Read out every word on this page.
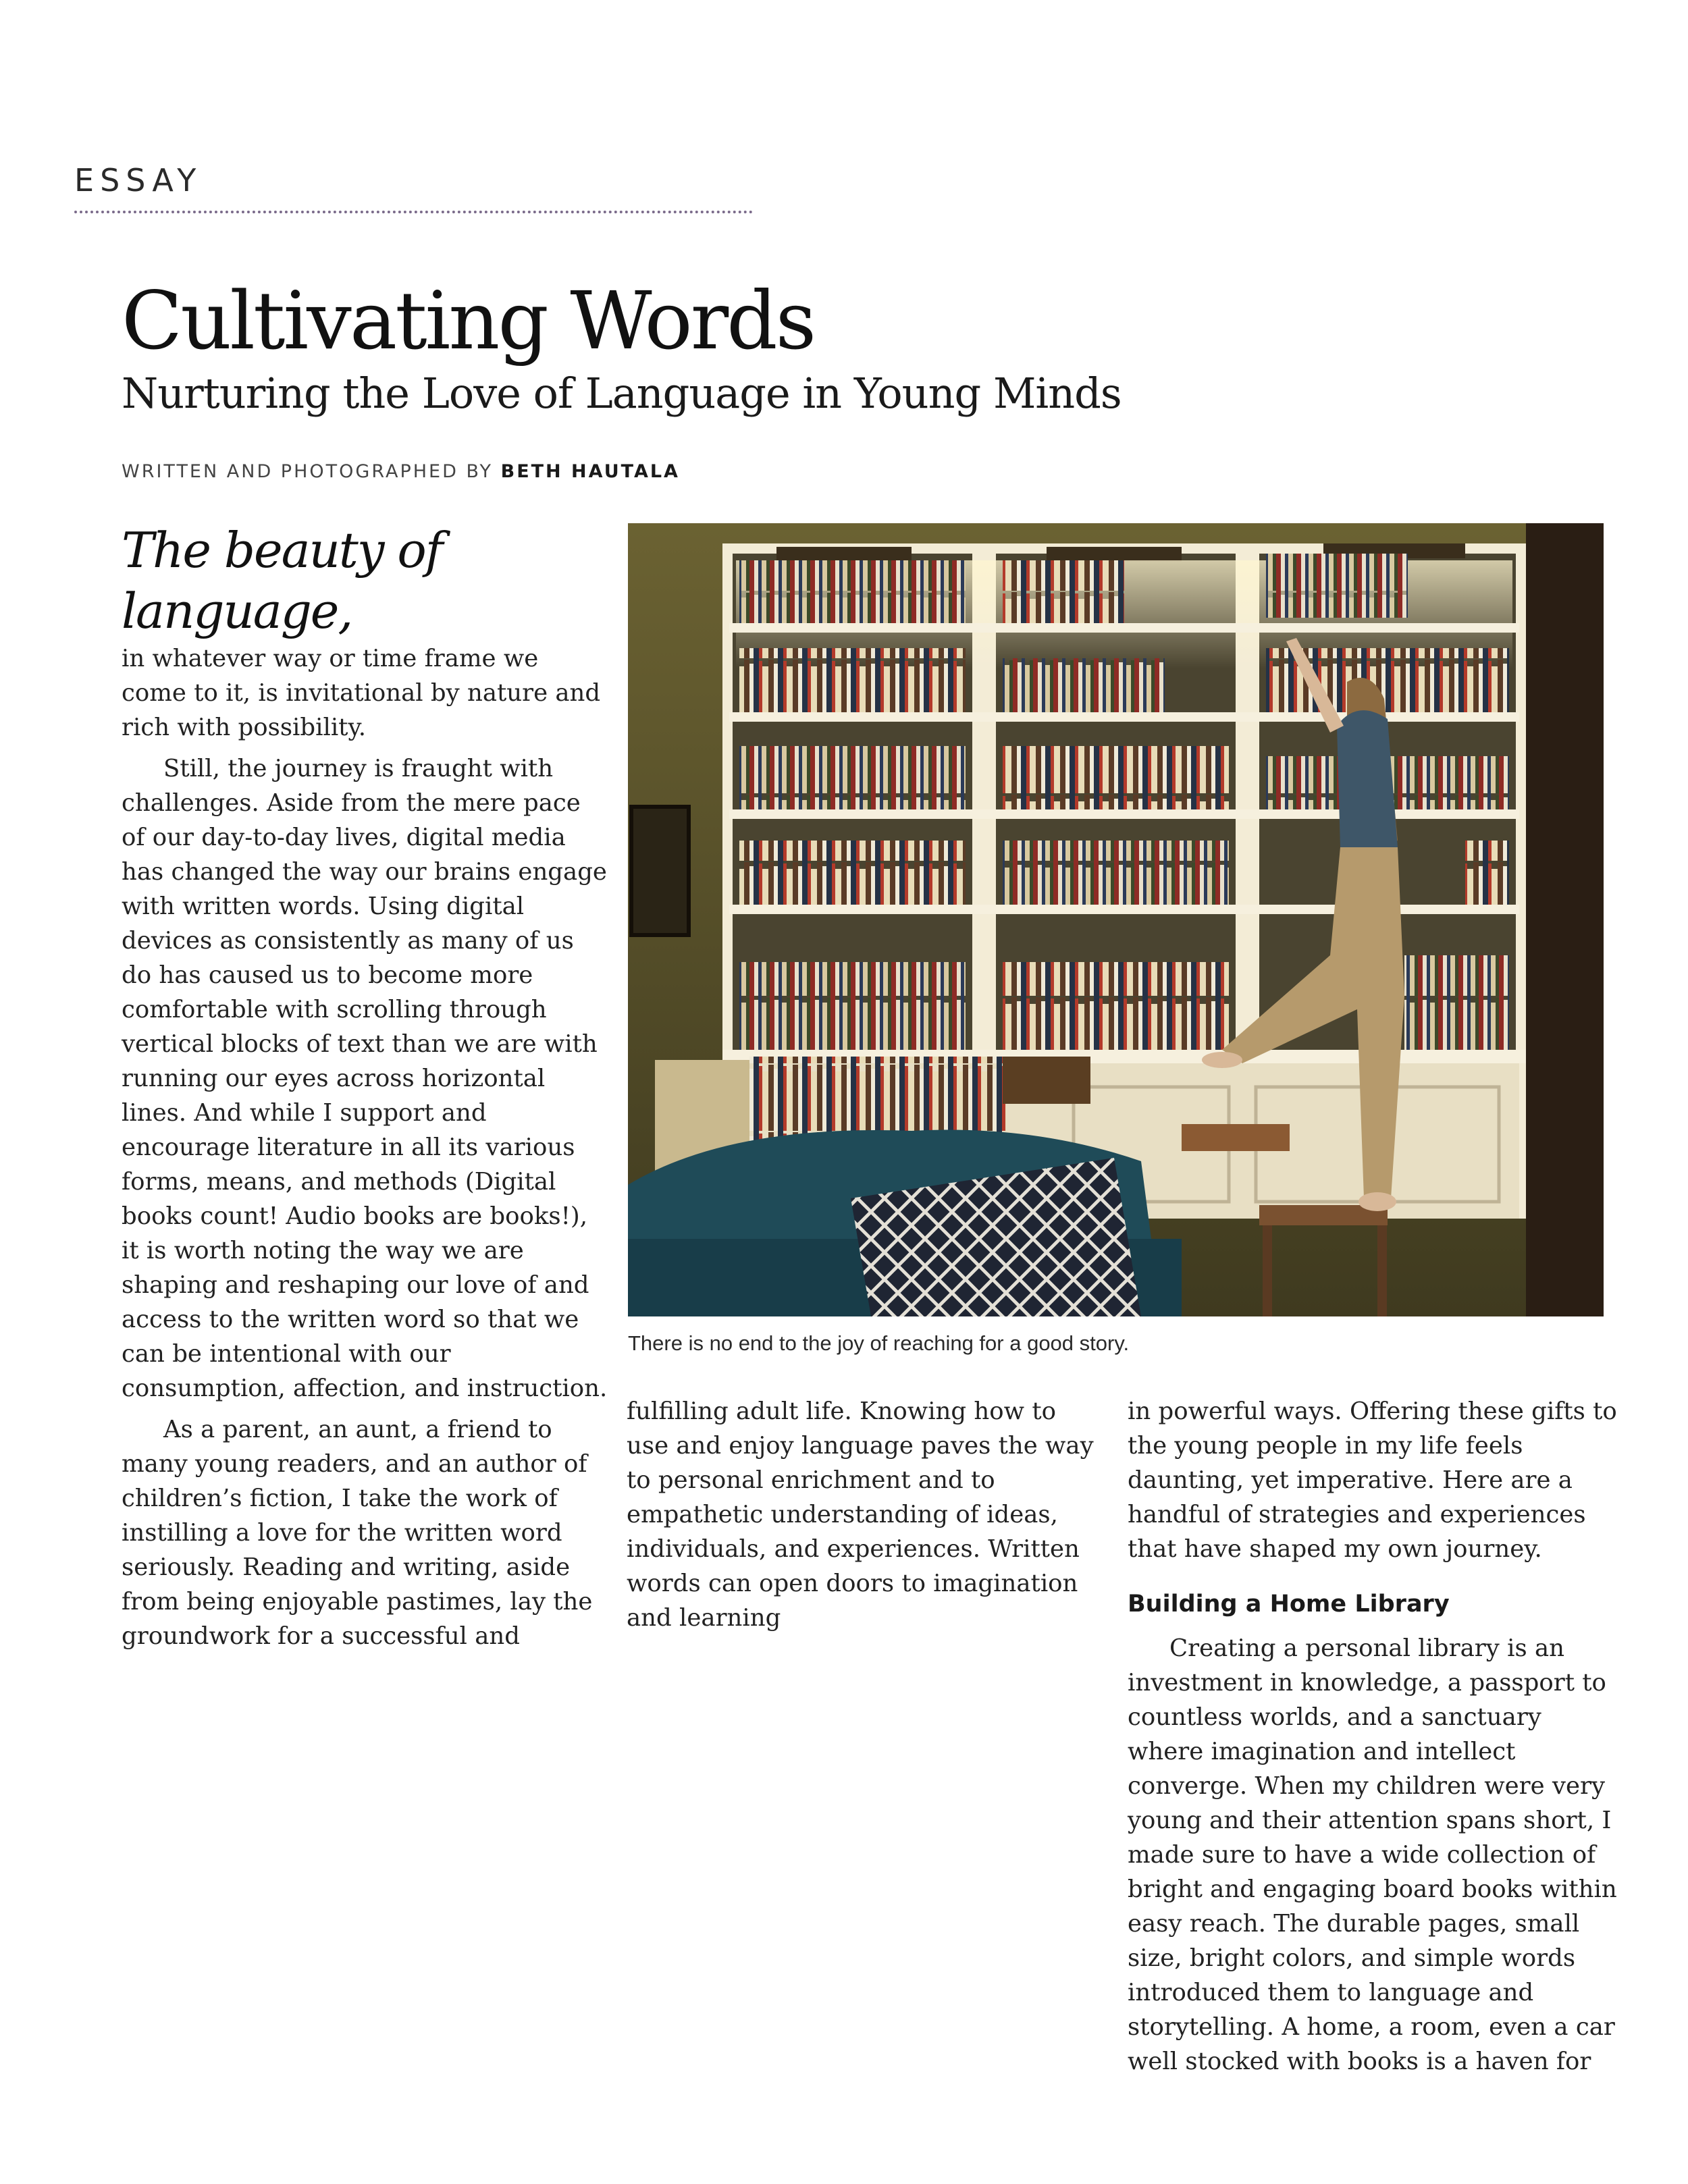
ESSAY
Cultivating Words
Nurturing the Love of Language in Young Minds
WRITTEN AND PHOTOGRAPHED BY BETH HAUTALA
The beauty of language,

in whatever way or time frame we come to it, is invitational by nature and rich with possibility.

Still, the journey is fraught with challenges. Aside from the mere pace of our day-to-day lives, digital media has changed the way our brains engage with written words. Using digital devices as consistently as many of us do has caused us to become more comfortable with scrolling through vertical blocks of text than we are with running our eyes across horizontal lines. And while I support and encourage literature in all its various forms, means, and methods (Digital books count! Audio books are books!), it is worth noting the way we are shaping and reshaping our love of and access to the written word so that we can be intentional with our consumption, affection, and instruction.

As a parent, an aunt, a friend to many young readers, and an author of children’s fiction, I take the work of instilling a love for the written word seriously. Reading and writing, aside from being enjoyable pastimes, lay the groundwork for a successful and

There is no end to the joy of reaching for a good story.

fulfilling adult life. Knowing how to use and enjoy language paves the way to personal enrichment and to empathetic understanding of ideas, individuals, and experiences. Written words can open doors to imagination and learning

in powerful ways. Offering these gifts to the young people in my life feels daunting, yet imperative. Here are a handful of strategies and experiences that have shaped my own journey.

Building a Home Library

Creating a personal library is an investment in knowledge, a passport to countless worlds, and a sanctuary where imagination and intellect converge. When my children were very young and their attention spans short, I made sure to have a wide collection of bright and engaging board books within easy reach. The durable pages, small size, bright colors, and simple words introduced them to language and storytelling. A home, a room, even a car well stocked with books is a haven for
